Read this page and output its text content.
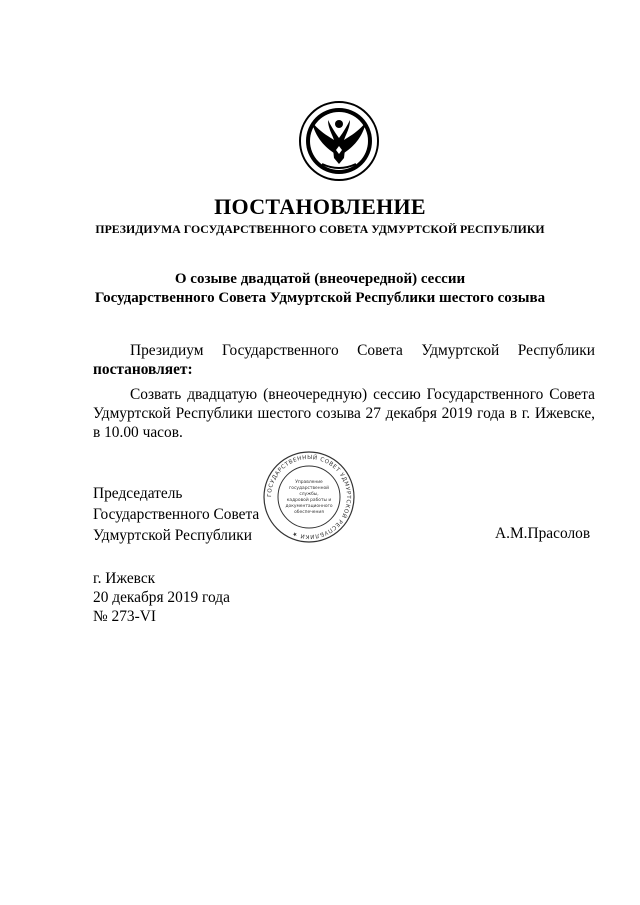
ПОСТАНОВЛЕНИЕ
ПРЕЗИДИУМА ГОСУДАРСТВЕННОГО СОВЕТА УДМУРТСКОЙ РЕСПУБЛИКИ
О созыве двадцатой (внеочередной) сессии
Государственного Совета Удмуртской Республики шестого созыва
Президиум Государственного Совета Удмуртской Республики
постановляет:
Созвать двадцатую (внеочередную) сессию Государственного Совета Удмуртской Республики шестого созыва 27 декабря 2019 года в г. Ижевске, в 10.00 часов.
Председатель
Государственного Совета
Удмуртской Республики	А.М.Прасолов
ГОСУДАРСТВЕННЫЙ СОВЕТ УДМУРТСКОЙ РЕСПУБЛИКИ ★
Управление
государственной
службы,
кадровой работы и
документационного
обеспечения
г. Ижевск
20 декабря 2019 года
№ 273-VI
